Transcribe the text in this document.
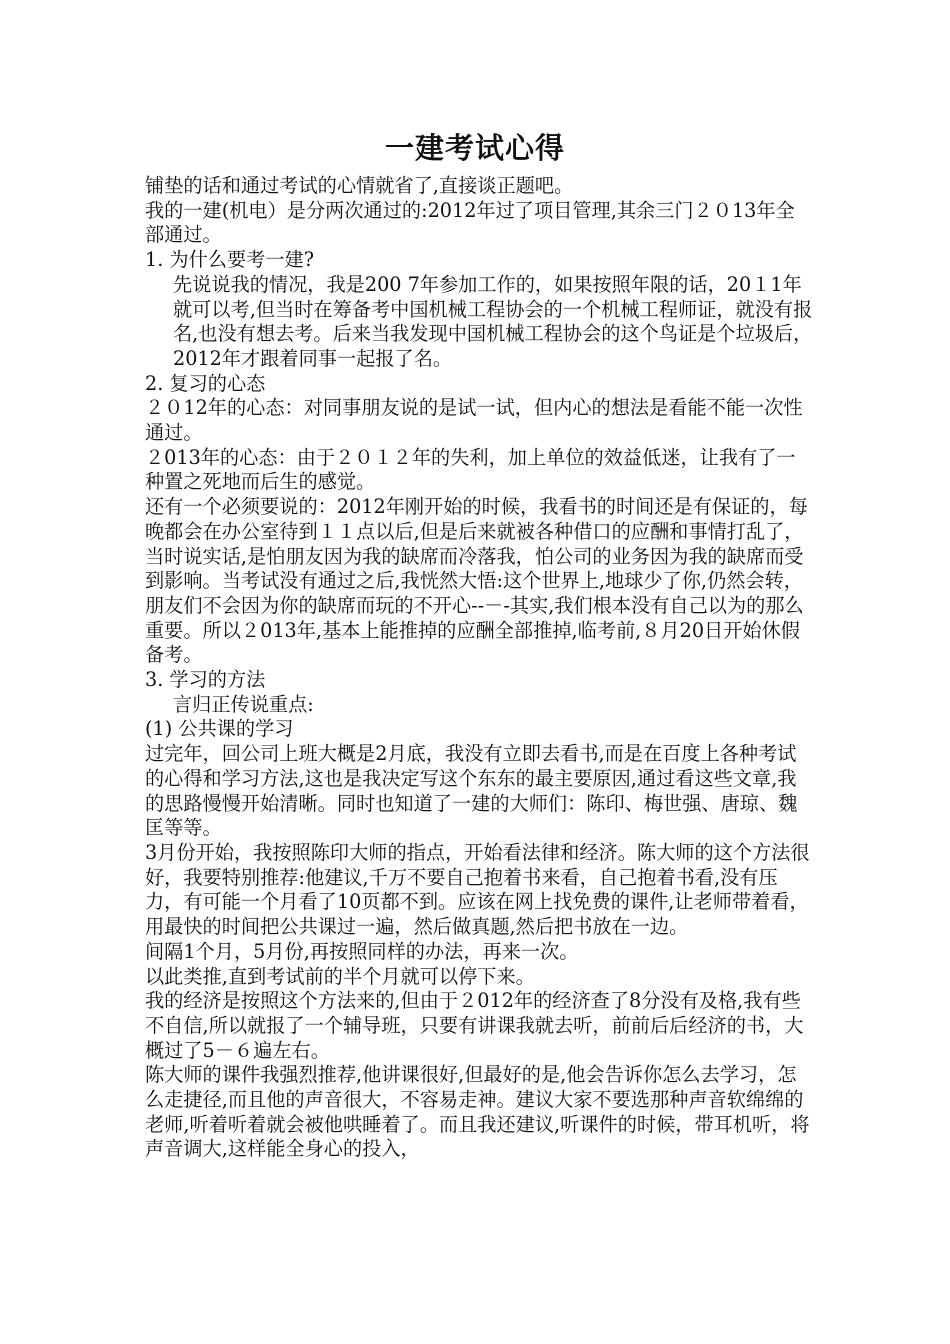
一建考试心得

铺垫的话和通过考试的心情就省了,直接谈正题吧。

我的一建(机电）是分两次通过的:2012年过了项目管理,其余三门２０13年全部通过。

1. 为什么要考一建?

先说说我的情况，我是200 7年参加工作的，如果按照年限的话，20１1年就可以考,但当时在筹备考中国机械工程协会的一个机械工程师证，就没有报名,也没有想去考。后来当我发现中国机械工程协会的这个鸟证是个垃圾后，2012年才跟着同事一起报了名。

2. 复习的心态

２０12年的心态：对同事朋友说的是试一试，但内心的想法是看能不能一次性通过。

２013年的心态：由于２０１２年的失利，加上单位的效益低迷，让我有了一种置之死地而后生的感觉。

还有一个必须要说的：2012年刚开始的时候，我看书的时间还是有保证的，每晚都会在办公室待到１１点以后,但是后来就被各种借口的应酬和事情打乱了，当时说实话,是怕朋友因为我的缺席而冷落我，怕公司的业务因为我的缺席而受到影响。当考试没有通过之后,我恍然大悟:这个世界上,地球少了你,仍然会转，朋友们不会因为你的缺席而玩的不开心--－-其实,我们根本没有自己以为的那么重要。所以２013年,基本上能推掉的应酬全部推掉,临考前,８月20日开始休假备考。

3. 学习的方法

言归正传说重点:

(1) 公共课的学习

过完年，回公司上班大概是2月底，我没有立即去看书,而是在百度上各种考试的心得和学习方法,这也是我决定写这个东东的最主要原因,通过看这些文章,我的思路慢慢开始清晰。同时也知道了一建的大师们：陈印、梅世强、唐琼、魏匡等等。

3月份开始，我按照陈印大师的指点，开始看法律和经济。陈大师的这个方法很好，我要特别推荐:他建议,千万不要自己抱着书来看，自己抱着书看,没有压力，有可能一个月看了10页都不到。应该在网上找免费的课件,让老师带着看，用最快的时间把公共课过一遍，然后做真题,然后把书放在一边。

间隔1个月，5月份,再按照同样的办法，再来一次。

以此类推,直到考试前的半个月就可以停下来。

我的经济是按照这个方法来的,但由于２012年的经济查了8分没有及格,我有些不自信,所以就报了一个辅导班，只要有讲课我就去听，前前后后经济的书，大概过了5－６遍左右。

陈大师的课件我强烈推荐,他讲课很好,但最好的是,他会告诉你怎么去学习，怎么走捷径,而且他的声音很大，不容易走神。建议大家不要选那种声音软绵绵的老师,听着听着就会被他哄睡着了。而且我还建议,听课件的时候，带耳机听，将声音调大,这样能全身心的投入，
